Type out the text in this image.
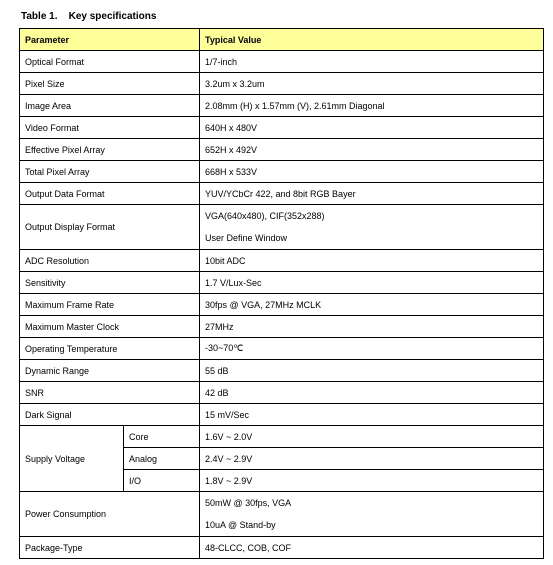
Table 1.    Key specifications
Parameter		Typical Value
Optical Format		1/7-inch
Pixel Size		3.2um x 3.2um
Image Area		2.08mm (H) x 1.57mm (V), 2.61mm Diagonal
Video Format		640H x 480V
Effective Pixel Array		652H x 492V
Total Pixel Array		668H x 533V
Output Data Format		YUV/YCbCr 422, and 8bit RGB Bayer
Output Display Format		VGA(640x480), CIF(352x288)
User Define Window

ADC Resolution		10bit ADC
Sensitivity		1.7 V/Lux-Sec
Maximum Frame Rate		30fps @ VGA, 27MHz MCLK
Maximum Master Clock		27MHz
Operating Temperature		-30~70℃
Dynamic Range		55 dB
SNR		42 dB
Dark Signal		15 mV/Sec
Supply Voltage	Core	1.6V ~ 2.0V
	Analog	2.4V ~ 2.9V
	I/O	1.8V ~ 2.9V
Power Consumption		50mW @ 30fps, VGA
10uA @ Stand-by

Package-Type		48-CLCC, COB, COF
